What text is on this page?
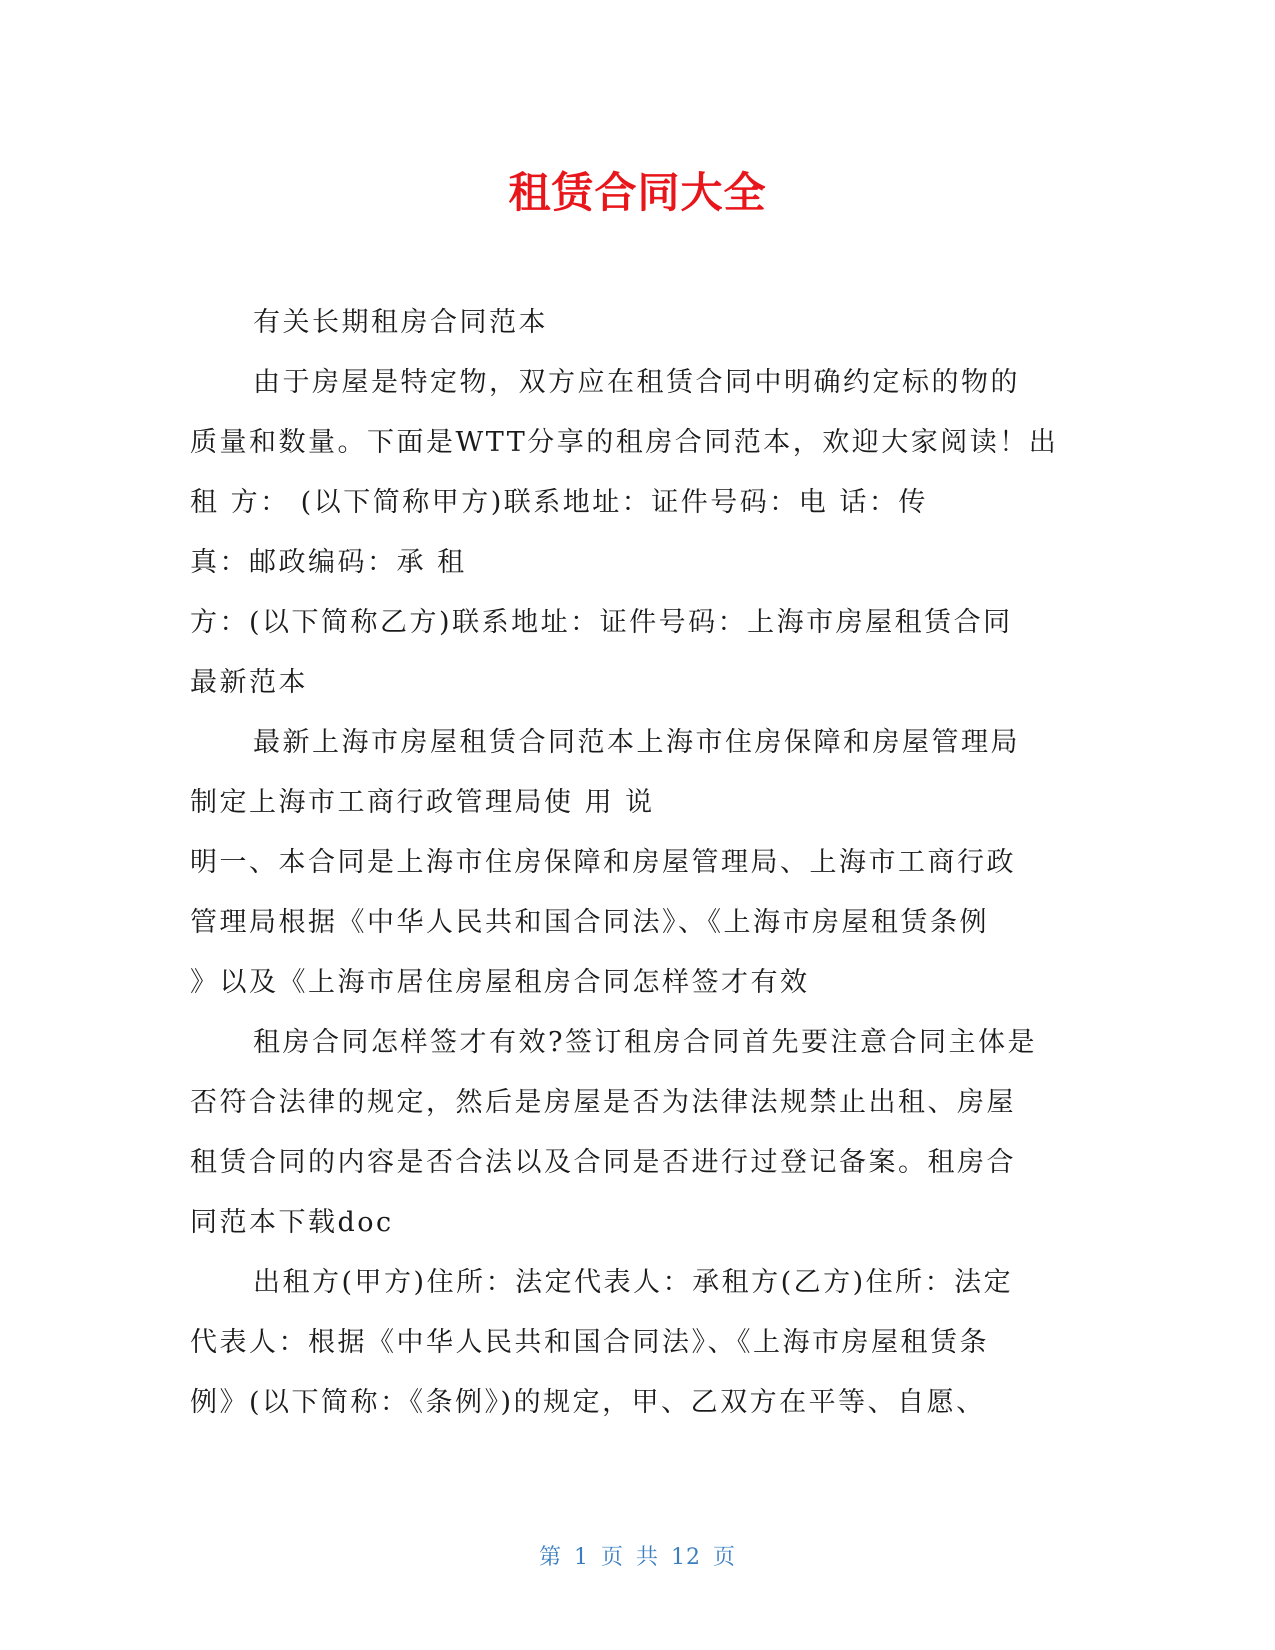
租赁合同大全

有关长期租房合同范本

由于房屋是特定物，双方应在租赁合同中明确约定标的物的

质量和数量。下面是WTT分享的租房合同范本，欢迎大家阅读！出

租 方： (以下简称甲方)联系地址：证件号码：电 话：传

真：邮政编码：承 租

方：(以下简称乙方)联系地址：证件号码：上海市房屋租赁合同

最新范本

最新上海市房屋租赁合同范本上海市住房保障和房屋管理局

制定上海市工商行政管理局使 用 说

明一、本合同是上海市住房保障和房屋管理局、上海市工商行政

管理局根据《中华人民共和国合同法》、《上海市房屋租赁条例

》以及《上海市居住房屋租房合同怎样签才有效

租房合同怎样签才有效?签订租房合同首先要注意合同主体是

否符合法律的规定，然后是房屋是否为法律法规禁止出租、房屋

租赁合同的内容是否合法以及合同是否进行过登记备案。租房合

同范本下载doc

出租方(甲方)住所：法定代表人：承租方(乙方)住所：法定

代表人：根据《中华人民共和国合同法》、《上海市房屋租赁条

例》(以下简称：《条例》)的规定，甲、乙双方在平等、自愿、

第 1 页 共 12 页
